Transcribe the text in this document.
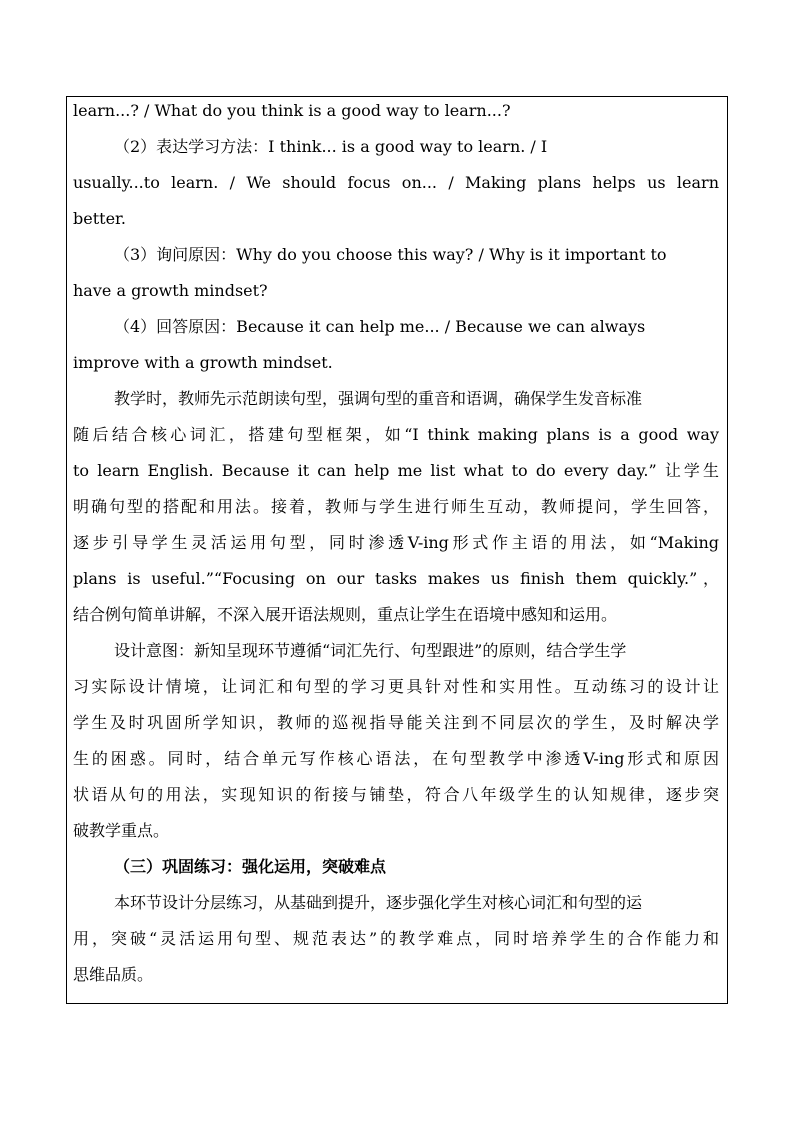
learn...? / What do you think is a good way to learn...?
（2）表达学习方法：I think... is a good way to learn. / I
usually...to learn. / We should focus on... / Making plans helps us learn
better.
（3）询问原因：Why do you choose this way? / Why is it important to
have a growth mindset?
（4）回答原因：Because it can help me... / Because we can always
improve with a growth mindset.
教学时，教师先示范朗读句型，强调句型的重音和语调，确保学生发音标准
随后结合核心词汇，搭建句型框架，如“I think making plans is a good way
to learn English. Because it can help me list what to do every day.” 让学生
明确句型的搭配和用法。接着，教师与学生进行师生互动，教师提问，学生回答，
逐步引导学生灵活运用句型，同时渗透V-ing形式作主语的用法，如“Making
plans is useful.”“Focusing on our tasks makes us finish them quickly.”，
结合例句简单讲解，不深入展开语法规则，重点让学生在语境中感知和运用。
设计意图：新知呈现环节遵循“词汇先行、句型跟进”的原则，结合学生学
习实际设计情境，让词汇和句型的学习更具针对性和实用性。互动练习的设计让
学生及时巩固所学知识，教师的巡视指导能关注到不同层次的学生，及时解决学
生的困惑。同时，结合单元写作核心语法，在句型教学中渗透V-ing形式和原因
状语从句的用法，实现知识的衔接与铺垫，符合八年级学生的认知规律，逐步突
破教学重点。
（三）巩固练习：强化运用，突破难点
本环节设计分层练习，从基础到提升，逐步强化学生对核心词汇和句型的运
用，突破“灵活运用句型、规范表达”的教学难点，同时培养学生的合作能力和
思维品质。
